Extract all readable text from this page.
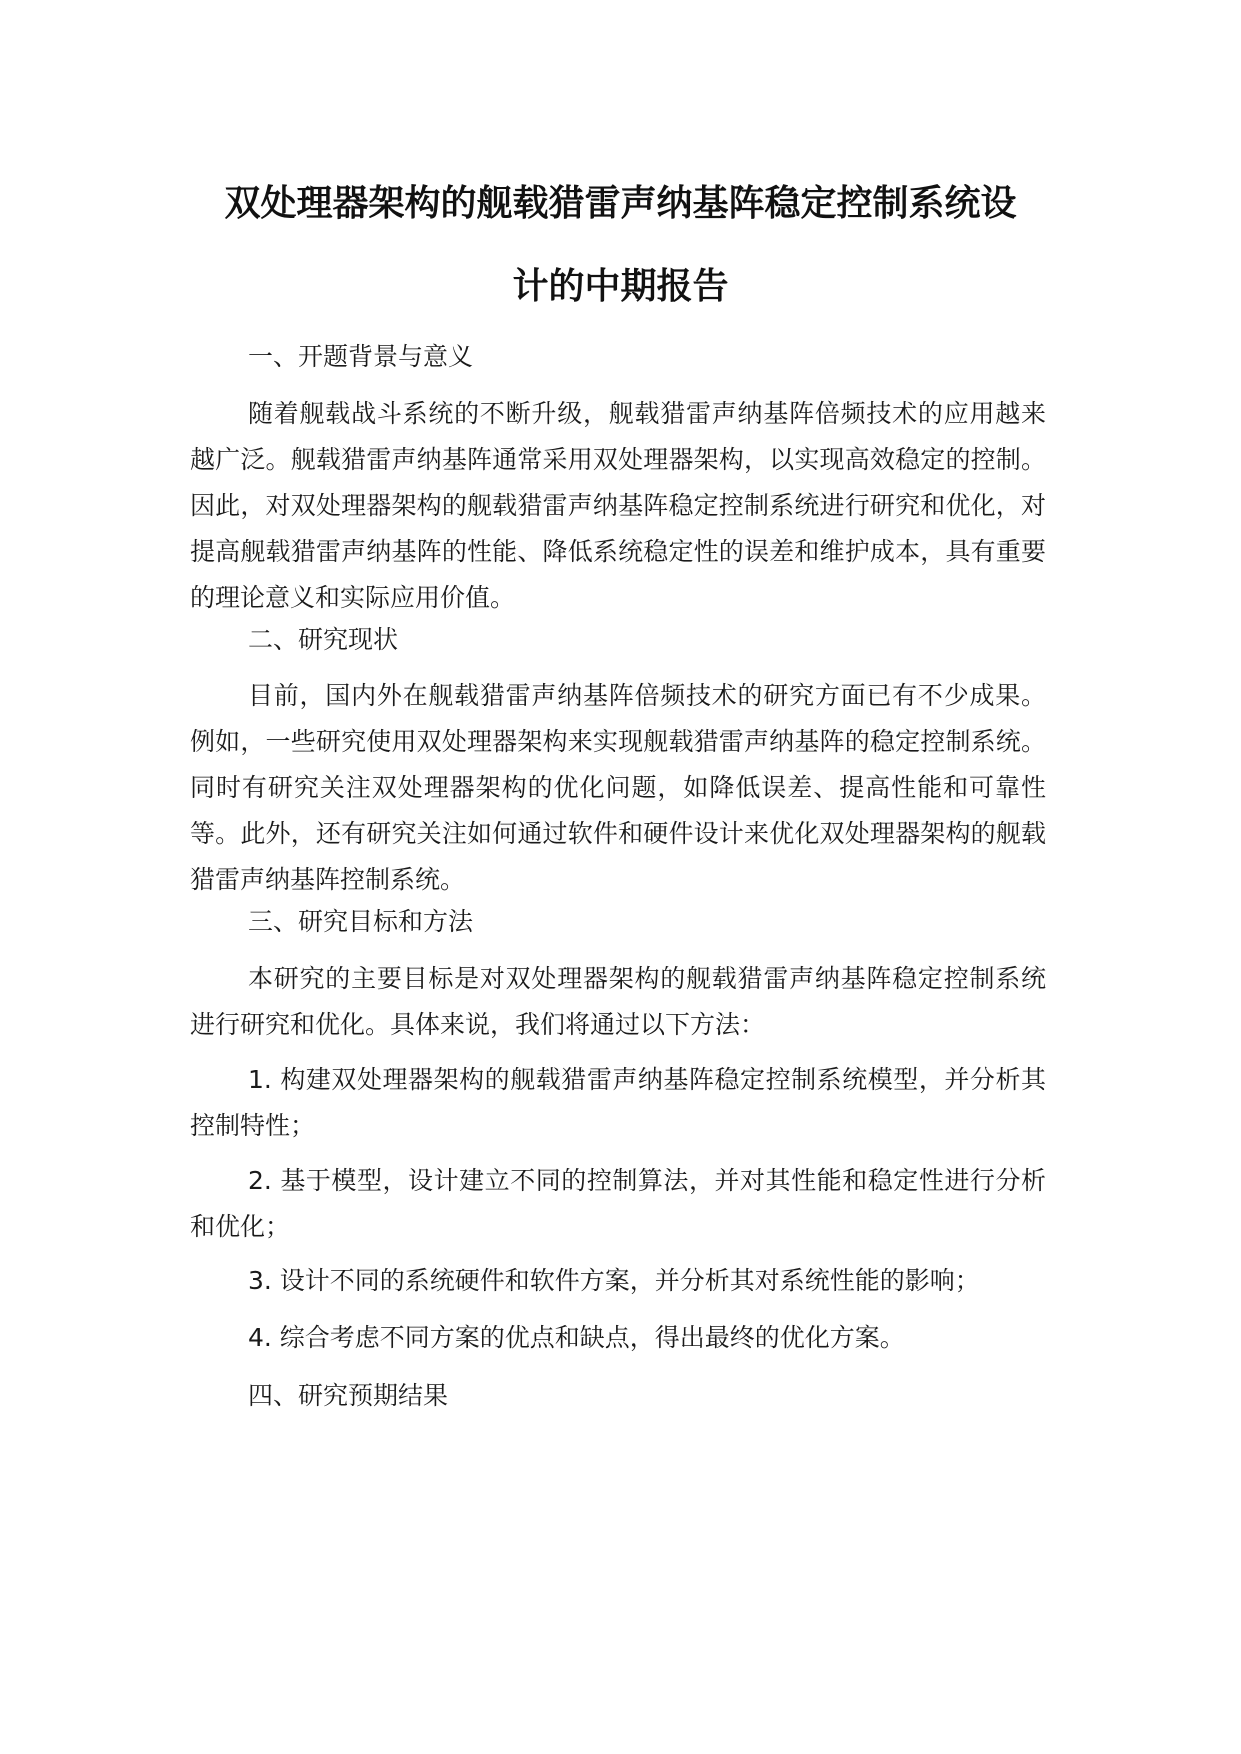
双处理器架构的舰载猎雷声纳基阵稳定控制系统设
计的中期报告
一、开题背景与意义
随着舰载战斗系统的不断升级，舰载猎雷声纳基阵倍频技术的应用越来越广泛。舰载猎雷声纳基阵通常采用双处理器架构，以实现高效稳定的控制。因此，对双处理器架构的舰载猎雷声纳基阵稳定控制系统进行研究和优化，对提高舰载猎雷声纳基阵的性能、降低系统稳定性的误差和维护成本，具有重要的理论意义和实际应用价值。
二、研究现状
目前，国内外在舰载猎雷声纳基阵倍频技术的研究方面已有不少成果。例如，一些研究使用双处理器架构来实现舰载猎雷声纳基阵的稳定控制系统。同时有研究关注双处理器架构的优化问题，如降低误差、提高性能和可靠性等。此外，还有研究关注如何通过软件和硬件设计来优化双处理器架构的舰载猎雷声纳基阵控制系统。
三、研究目标和方法
本研究的主要目标是对双处理器架构的舰载猎雷声纳基阵稳定控制系统进行研究和优化。具体来说，我们将通过以下方法：
1. 构建双处理器架构的舰载猎雷声纳基阵稳定控制系统模型，并分析其控制特性；
2. 基于模型，设计建立不同的控制算法，并对其性能和稳定性进行分析和优化；
3. 设计不同的系统硬件和软件方案，并分析其对系统性能的影响；
4. 综合考虑不同方案的优点和缺点，得出最终的优化方案。
四、研究预期结果
